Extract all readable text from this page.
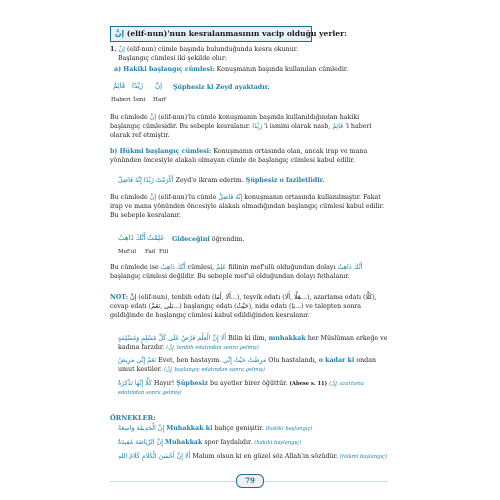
إنَّ (elif-nun)'nun kesralanmasının vacip olduğu yerler:
1. إنَّ (elif-nun) cümle başında bulunduğunda kesra okunur.
Başlangıç cümlesi iki şekilde olur:
a) Hakiki başlangıç cümlesi: Konuşmanın başında kullanılan cümledir.
قَائِمٌ زَيْدًا إنَّ Şüphesiz ki Zeyd ayaktadır.
Haberi İsmi Harf
Bu cümlede إنَّ (elif-nun)'lu cümle konuşmanın başında kullanıldığından hakiki başlangıç cümlesidir. Bu sebeple kesralanır. زَيْدًا 'i ismini olarak nasb, قَائِمٌ 'i haberi olarak ref etmiştir.
b) Hükmi başlangıç cümlesi: Konuşmanın ortasında olan, ancak irap ve mana yönünden öncesiyle alakalı olmayan cümle de başlangıç cümlesi kabul edilir.
أَكْرَمْتُ زَيْدًا إِنَّهُ فَاضِلٌ Zeyd'e ikram ederim. Şüphesiz o faziletlidir.
Bu cümlede إنَّ (elif-nun)'lu cümle إِنَّهُ فَاضِلٌ konuşmanın ortasında kullanılmıştır. Fakat irap ve mana yönünden öncesiyle alakalı olmadığından başlangıç cümlesi kabul edilir. Bu sebeple kesralanır.
أَنَّكَ ذَاهِبٌ عَلِمْتُ Gideceğini öğrendim.
Mef'ul Fail Fiil
Bu cümlede ise أَنَّكَ ذَاهِبٌ cümlesi, عَلِمْ fiilinin mef'ulü olduğundan dolayı أَنَّكَ ذَاهِبٌ başlangıç cümlesi değildir. Bu sebeple mef'ul olduğundan dolayı fethalanır.
NOT: إنَّ (elif-nun), tenbih edatı (أَلَا ,أَمَا...), teşvik edatı (هَلَّا ,أَلَا...), azarlama edatı (كَلَّا), cevap edatı (بَلَى ,نَعَمْ...) başlangıç edatı (حَيْثُ), nida edatı (يَا...) ve talepten sonra geldiğinde de başlangıç cümlesi kabul edildiğinden kesralanır.
أَلَا إِنَّ الْعِلْمَ فَرْضٌ عَلَى كُلِّ مُسْلِمٍ وَمُسْلِمَةٍ Bilin ki ilim, muhakkak her Müslüman erkeğe ve kadına farzdır. (إِنَّ, tenbih edatından sonra gelmiş)
نَعَمْ إِنِّي مَرِيضٌ Evet, ben hastayım. مَرِضْتُ حَيْثُ إِنِّي Olu hastalandı, o kadar ki ondan umut kestiler. (إِنَّ, başlangıç edatından sonra gelmiş)
كَلَّا إِنَّهَا تَذْكِرَةٌ Hayır! Şüphesiz bu ayetler birer öğüttür. (Abese s. 11) (إِنَّ, azarlama edatından sonra gelmiş)
ÖRNEKLER:
إِنَّ الْحَدِيقَةَ وَاسِعَةٌ Muhakkak ki bahçe genişitir. (hakiki başlangıç)
إِنَّ الرِّيَاضَةَ مُفِيدَةٌ Muhakkak spor faydalıdır. (hakiki başlangıç)
أَلَا إِنَّ أَحْسَنَ الْكَلَامِ كَلَامُ اللهِ Malum olsun ki en güzel söz Allah'ın sözüdür. (hükmi başlangıç)
79
